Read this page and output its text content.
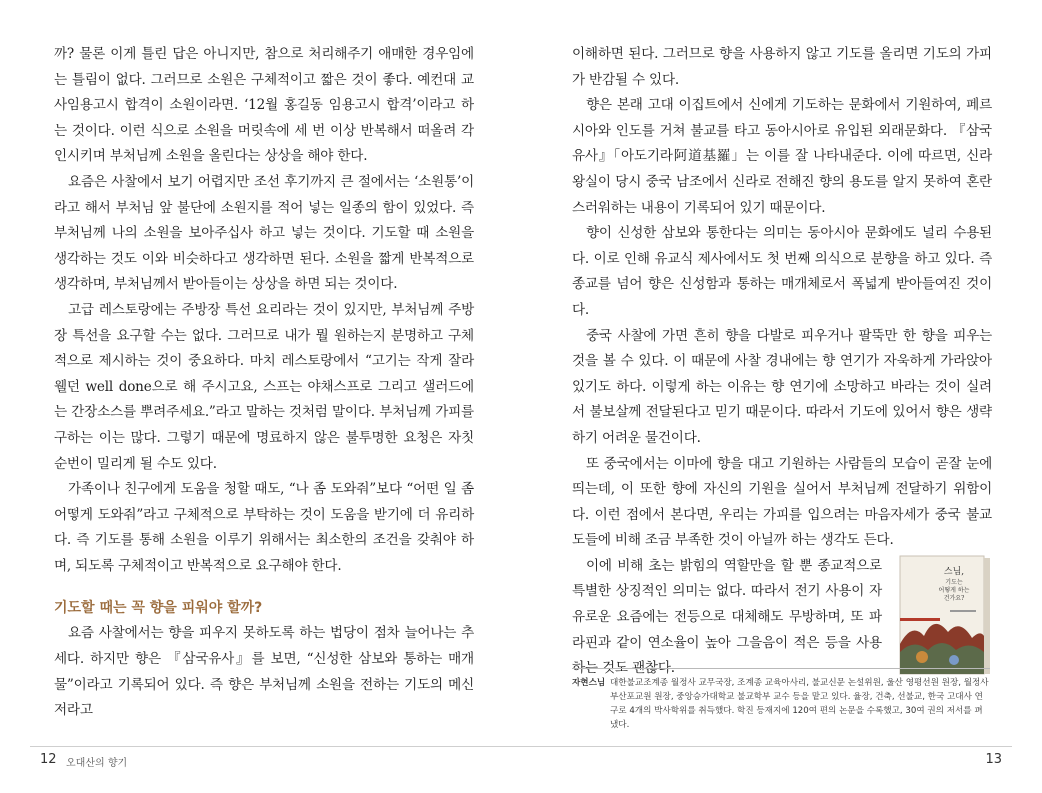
까? 물론 이게 틀린 답은 아니지만, 참으로 처리해주기 애매한 경우임에는 틀림이 없다. 그러므로 소원은 구체적이고 짧은 것이 좋다. 예컨대 교사임용고시 합격이 소원이라면. ‘12월 홍길동 임용고시 합격’이라고 하는 것이다. 이런 식으로 소원을 머릿속에 세 번 이상 반복해서 떠올려 각인시키며 부처님께 소원을 올린다는 상상을 해야 한다.

요즘은 사찰에서 보기 어렵지만 조선 후기까지 큰 절에서는 ‘소원통’이라고 해서 부처님 앞 불단에 소원지를 적어 넣는 일종의 함이 있었다. 즉 부처님께 나의 소원을 보아주십사 하고 넣는 것이다. 기도할 때 소원을 생각하는 것도 이와 비슷하다고 생각하면 된다. 소원을 짧게 반복적으로 생각하며, 부처님께서 받아들이는 상상을 하면 되는 것이다.

고급 레스토랑에는 주방장 특선 요리라는 것이 있지만, 부처님께 주방장 특선을 요구할 수는 없다. 그러므로 내가 뭘 원하는지 분명하고 구체적으로 제시하는 것이 중요하다. 마치 레스토랑에서 “고기는 작게 잘라 웰던 well done으로 해 주시고요, 스프는 야채스프로 그리고 샐러드에는 간장소스를 뿌려주세요.”라고 말하는 것처럼 말이다. 부처님께 가피를 구하는 이는 많다. 그렇기 때문에 명료하지 않은 불투명한 요청은 자칫 순번이 밀리게 될 수도 있다.

가족이나 친구에게 도움을 청할 때도, “나 좀 도와줘”보다 “어떤 일 좀 어떻게 도와줘”라고 구체적으로 부탁하는 것이 도움을 받기에 더 유리하다. 즉 기도를 통해 소원을 이루기 위해서는 최소한의 조건을 갖춰야 하며, 되도록 구체적이고 반복적으로 요구해야 한다.

기도할 때는 꼭 향을 피워야 할까?

요즘 사찰에서는 향을 피우지 못하도록 하는 법당이 점차 늘어나는 추세다. 하지만 향은 『삼국유사』를 보면, “신성한 삼보와 통하는 매개물”이라고 기록되어 있다. 즉 향은 부처님께 소원을 전하는 기도의 메신저라고

이해하면 된다. 그러므로 향을 사용하지 않고 기도를 올리면 기도의 가피가 반감될 수 있다.

향은 본래 고대 이집트에서 신에게 기도하는 문화에서 기원하여, 페르시아와 인도를 거쳐 불교를 타고 동아시아로 유입된 외래문화다. 『삼국유사』「아도기라阿道基羅」는 이를 잘 나타내준다. 이에 따르면, 신라 왕실이 당시 중국 남조에서 신라로 전해진 향의 용도를 알지 못하여 혼란스러워하는 내용이 기록되어 있기 때문이다.

향이 신성한 삼보와 통한다는 의미는 동아시아 문화에도 널리 수용된다. 이로 인해 유교식 제사에서도 첫 번째 의식으로 분향을 하고 있다. 즉 종교를 넘어 향은 신성함과 통하는 매개체로서 폭넓게 받아들여진 것이다.

중국 사찰에 가면 흔히 향을 다발로 피우거나 팔뚝만 한 향을 피우는 것을 볼 수 있다. 이 때문에 사찰 경내에는 향 연기가 자욱하게 가라앉아 있기도 하다. 이렇게 하는 이유는 향 연기에 소망하고 바라는 것이 실려서 불보살께 전달된다고 믿기 때문이다. 따라서 기도에 있어서 향은 생략하기 어려운 물건이다.

또 중국에서는 이마에 향을 대고 기원하는 사람들의 모습이 곧잘 눈에 띄는데, 이 또한 향에 자신의 기원을 실어서 부처님께 전달하기 위함이다. 이런 점에서 본다면, 우리는 가피를 입으려는 마음자세가 중국 불교도들에 비해 조금 부족한 것이 아닐까 하는 생각도 든다.

이에 비해 초는 밝힘의 역할만을 할 뿐 종교적으로 특별한 상징적인 의미는 없다. 따라서 전기 사용이 자유로운 요즘에는 전등으로 대체해도 무방하며, 또 파라핀과 같이 연소율이 높아 그을음이 적은 등을 사용하는 것도 괜찮다.

스님,
기도는
어떻게 하는
건가요?
자현스님 대한불교조계종 월정사 교무국장, 조계종 교육아사리, 불교신문 논설위원, 울산 영평선원 원장, 월정사 부산포교원 원장, 중앙승가대학교 불교학부 교수 등을 맡고 있다. 율장, 건축, 선불교, 한국 고대사 연구로 4개의 박사학위를 취득했다. 학진 등재지에 120여 편의 논문을 수록했고, 30여 권의 저서를 펴냈다.
12 오대산의 향기	13
